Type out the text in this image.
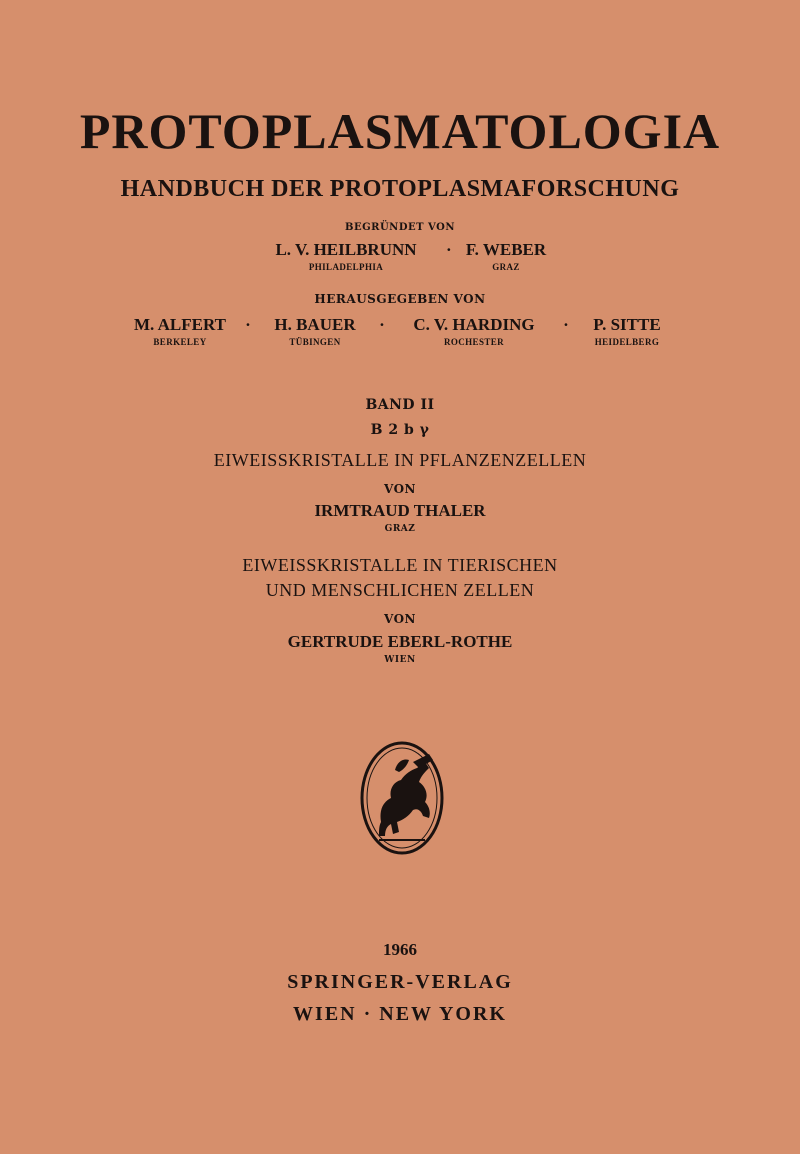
PROTOPLASMATOLOGIA
HANDBUCH DER PROTOPLASMAFORSCHUNG
BEGRÜNDET VON
L. V. HEILBRUNN
PHILADELPHIA
· F. WEBER
GRAZ
HERAUSGEGEBEN VON
M. ALFERT
BERKELEY
·	H. BAUER
TÜBINGEN
·	C. V. HARDING
ROCHESTER
·	P. SITTE
HEIDELBERG
BAND II
B 2 b γ
EIWEISSKRISTALLE IN PFLANZENZELLEN
VON
IRMTRAUD THALER
GRAZ
EIWEISSKRISTALLE IN TIERISCHEN
UND MENSCHLICHEN ZELLEN
VON
GERTRUDE EBERL-ROTHE
WIEN
1966
SPRINGER-VERLAG
WIEN · NEW YORK
